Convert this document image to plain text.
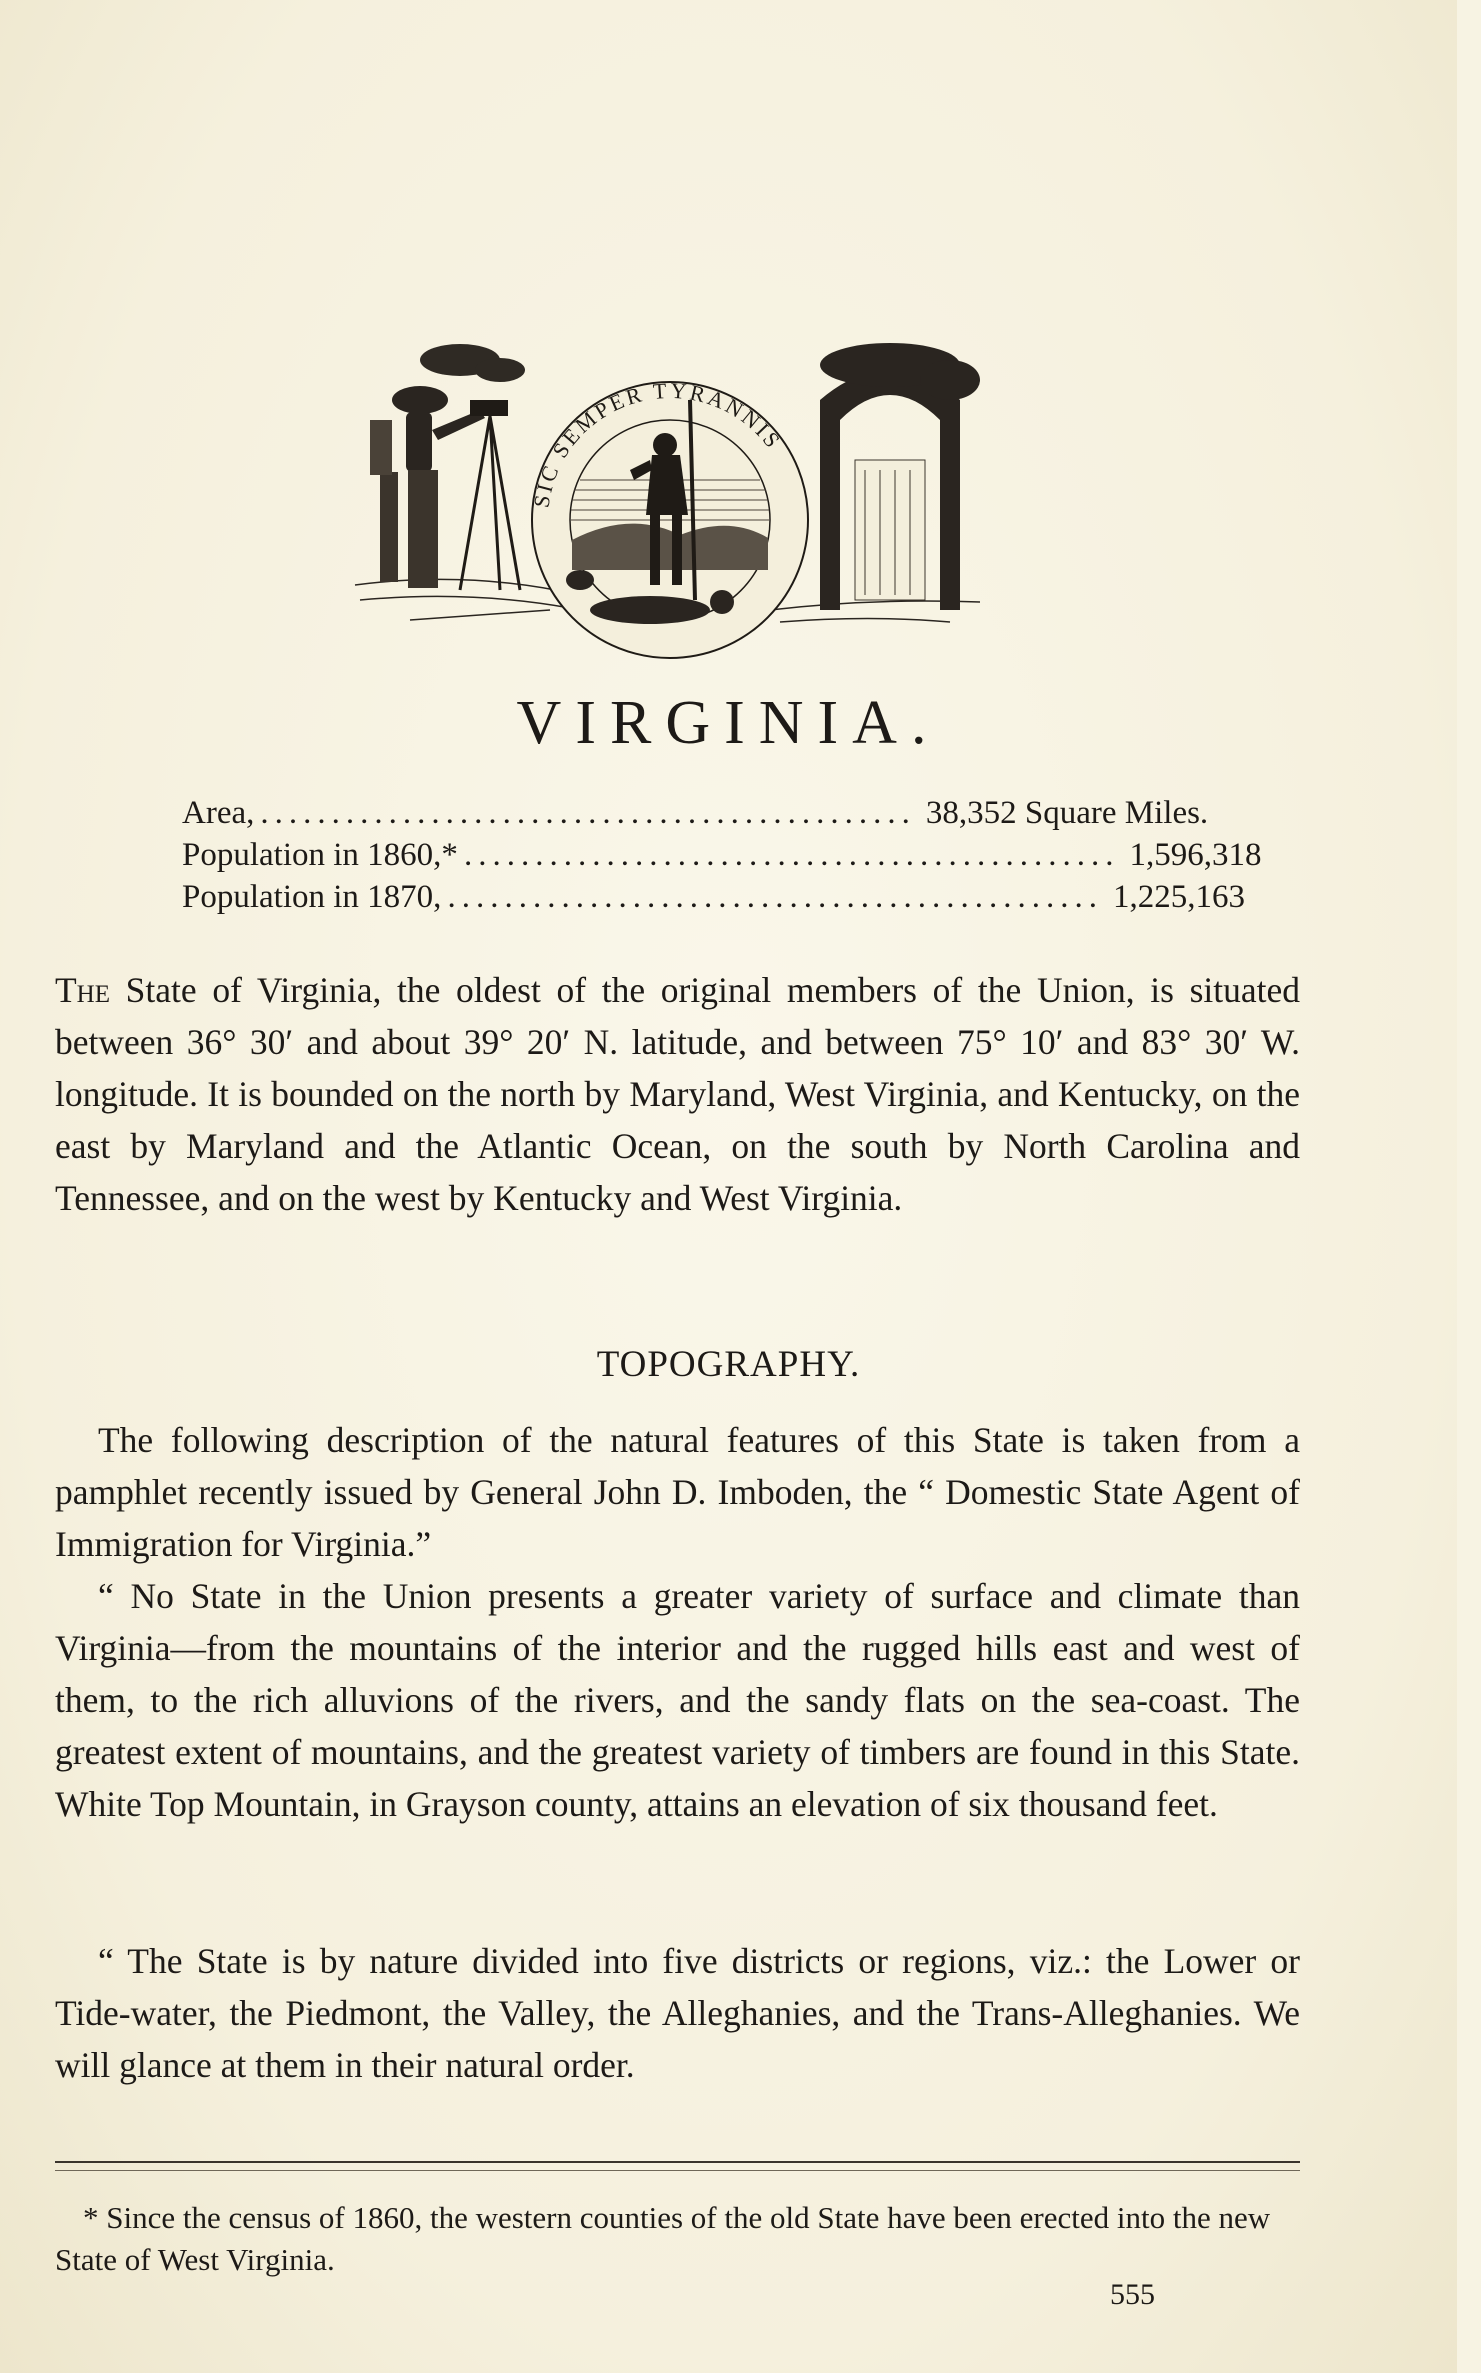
SIC SEMPER TYRANNIS
VIRGINIA.
Area, .............................................. 38,352 Square Miles.
Population in 1860,* .............................................. 1,596,318
Population in 1870, .............................................. 1,225,163

The State of Virginia, the oldest of the original members of the Union, is situated between 36° 30′ and about 39° 20′ N. latitude, and between 75° 10′ and 83° 30′ W. longitude. It is bounded on the north by Maryland, West Virginia, and Kentucky, on the east by Maryland and the Atlantic Ocean, on the south by North Carolina and Tennessee, and on the west by Kentucky and West Virginia.

TOPOGRAPHY.

The following description of the natural features of this State is taken from a pamphlet recently issued by General John D. Imboden, the “ Domestic State Agent of Immigration for Virginia.”

“ No State in the Union presents a greater variety of surface and climate than Virginia—from the mountains of the interior and the rugged hills east and west of them, to the rich alluvions of the rivers, and the sandy flats on the sea-coast. The greatest extent of mountains, and the greatest variety of timbers are found in this State. White Top Mountain, in Grayson county, attains an elevation of six thousand feet.

“ The State is by nature divided into five districts or regions, viz.: the Lower or Tide-water, the Piedmont, the Valley, the Alleghanies, and the Trans-Alleghanies. We will glance at them in their natural order.

* Since the census of 1860, the western counties of the old State have been erected into the new State of West Virginia.

555
